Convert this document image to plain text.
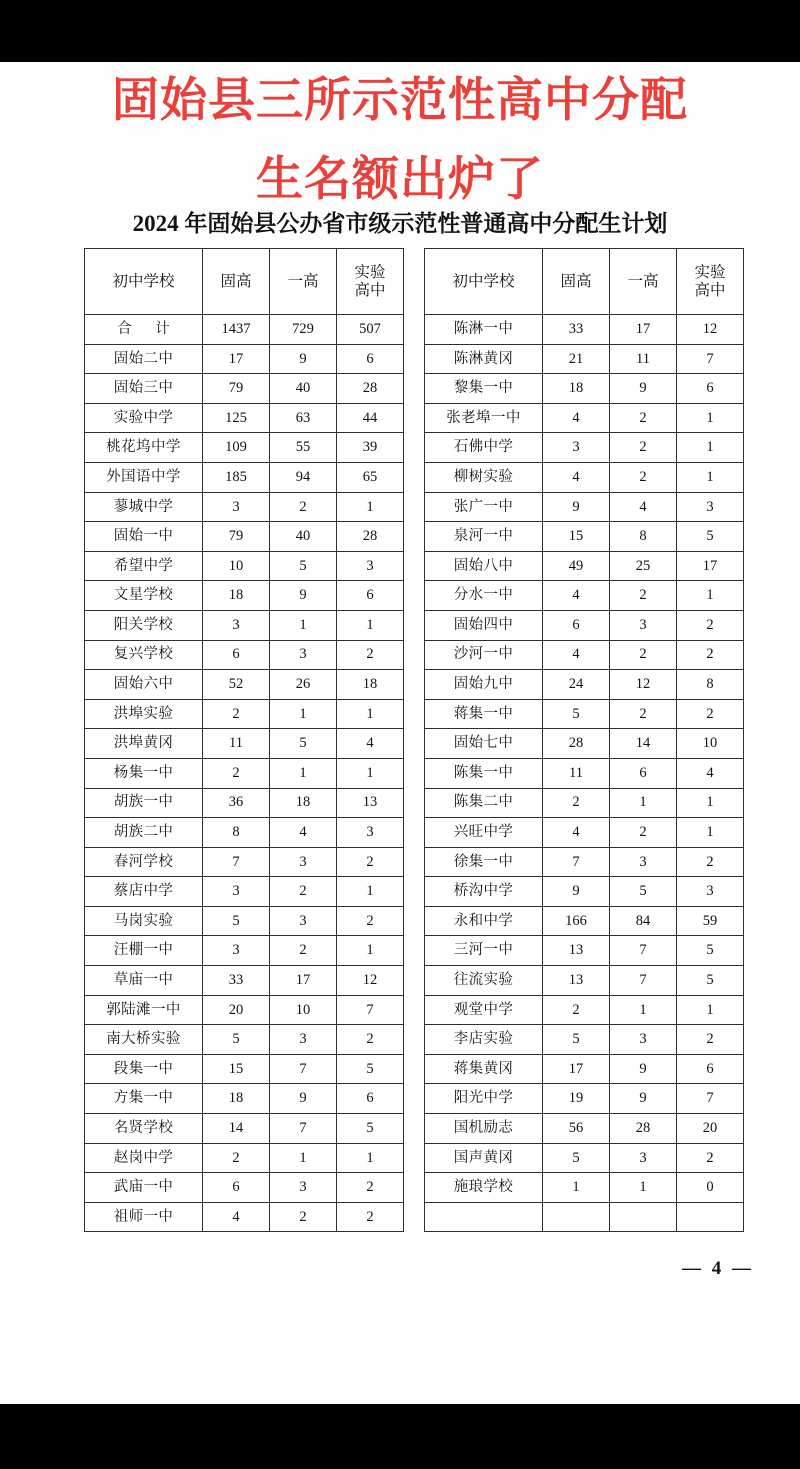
固始县三所示范性高中分配
生名额出炉了
2024 年固始县公办省市级示范性普通高中分配生计划
初中学校	固高	一高	实验
高中

合 计	1437	729	507
固始二中	17	9	6
固始三中	79	40	28
实验中学	125	63	44
桃花坞中学	109	55	39
外国语中学	185	94	65
蓼城中学	3	2	1
固始一中	79	40	28
希望中学	10	5	3
文星学校	18	9	6
阳关学校	3	1	1
复兴学校	6	3	2
固始六中	52	26	18
洪埠实验	2	1	1
洪埠黄冈	11	5	4
杨集一中	2	1	1
胡族一中	36	18	13
胡族二中	8	4	3
春河学校	7	3	2
蔡店中学	3	2	1
马岗实验	5	3	2
汪棚一中	3	2	1
草庙一中	33	17	12
郭陆滩一中	20	10	7
南大桥实验	5	3	2
段集一中	15	7	5
方集一中	18	9	6
名贤学校	14	7	5
赵岗中学	2	1	1
武庙一中	6	3	2
祖师一中	4	2	2
初中学校	固高	一高	实验
高中

陈淋一中	33	17	12
陈淋黄冈	21	11	7
黎集一中	18	9	6
张老埠一中	4	2	1
石佛中学	3	2	1
柳树实验	4	2	1
张广一中	9	4	3
泉河一中	15	8	5
固始八中	49	25	17
分水一中	4	2	1
固始四中	6	3	2
沙河一中	4	2	2
固始九中	24	12	8
蒋集一中	5	2	2
固始七中	28	14	10
陈集一中	11	6	4
陈集二中	2	1	1
兴旺中学	4	2	1
徐集一中	7	3	2
桥沟中学	9	5	3
永和中学	166	84	59
三河一中	13	7	5
往流实验	13	7	5
观堂中学	2	1	1
李店实验	5	3	2
蒋集黄冈	17	9	6
阳光中学	19	9	7
国机励志	56	28	20
国声黄冈	5	3	2
施琅学校	1	1	0

— 4 —
